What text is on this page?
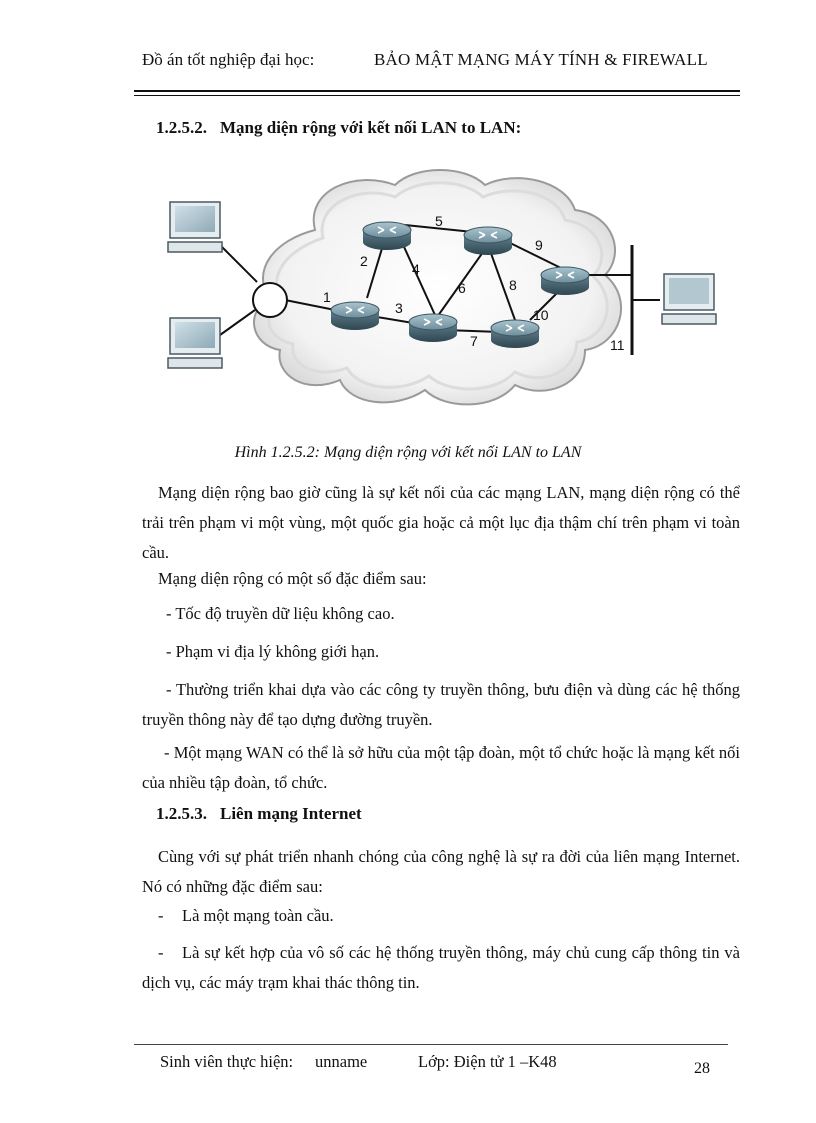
Đồ án tốt nghiệp đại học:	BẢO MẬT MẠNG MÁY TÍNH & FIREWALL
1.2.5.2. Mạng diện rộng với kết nối LAN to LAN:
1
2
3
4
5
6
7
8
9
10
11
Hình 1.2.5.2: Mạng diện rộng với kết nối LAN to LAN
Mạng diện rộng bao giờ cũng là sự kết nối của các mạng LAN, mạng diện rộng có thể trải trên phạm vi một vùng, một quốc gia hoặc cả một lục địa thậm chí trên phạm vi toàn cầu.
Mạng diện rộng có một số đặc điểm sau:
- Tốc độ truyền dữ liệu không cao.
- Phạm vi địa lý không giới hạn.
- Thường triển khai dựa vào các công ty truyền thông, bưu điện và dùng các hệ thống truyền thông này để tạo dựng đường truyền.
- Một mạng WAN có thể là sở hữu của một tập đoàn, một tổ chức hoặc là mạng kết nối của nhiều tập đoàn, tổ chức.
1.2.5.3. Liên mạng Internet
Cùng với sự phát triển nhanh chóng của công nghệ là sự ra đời của liên mạng Internet. Nó có những đặc điểm sau:
- Là một mạng toàn cầu.
-	Là sự kết hợp của vô số các hệ thống truyền thông, máy chủ cung cấp thông tin và dịch vụ, các máy trạm khai thác thông tin.
Sinh viên thực hiện: unname	Lớp: Điện tử 1 –K48	28
